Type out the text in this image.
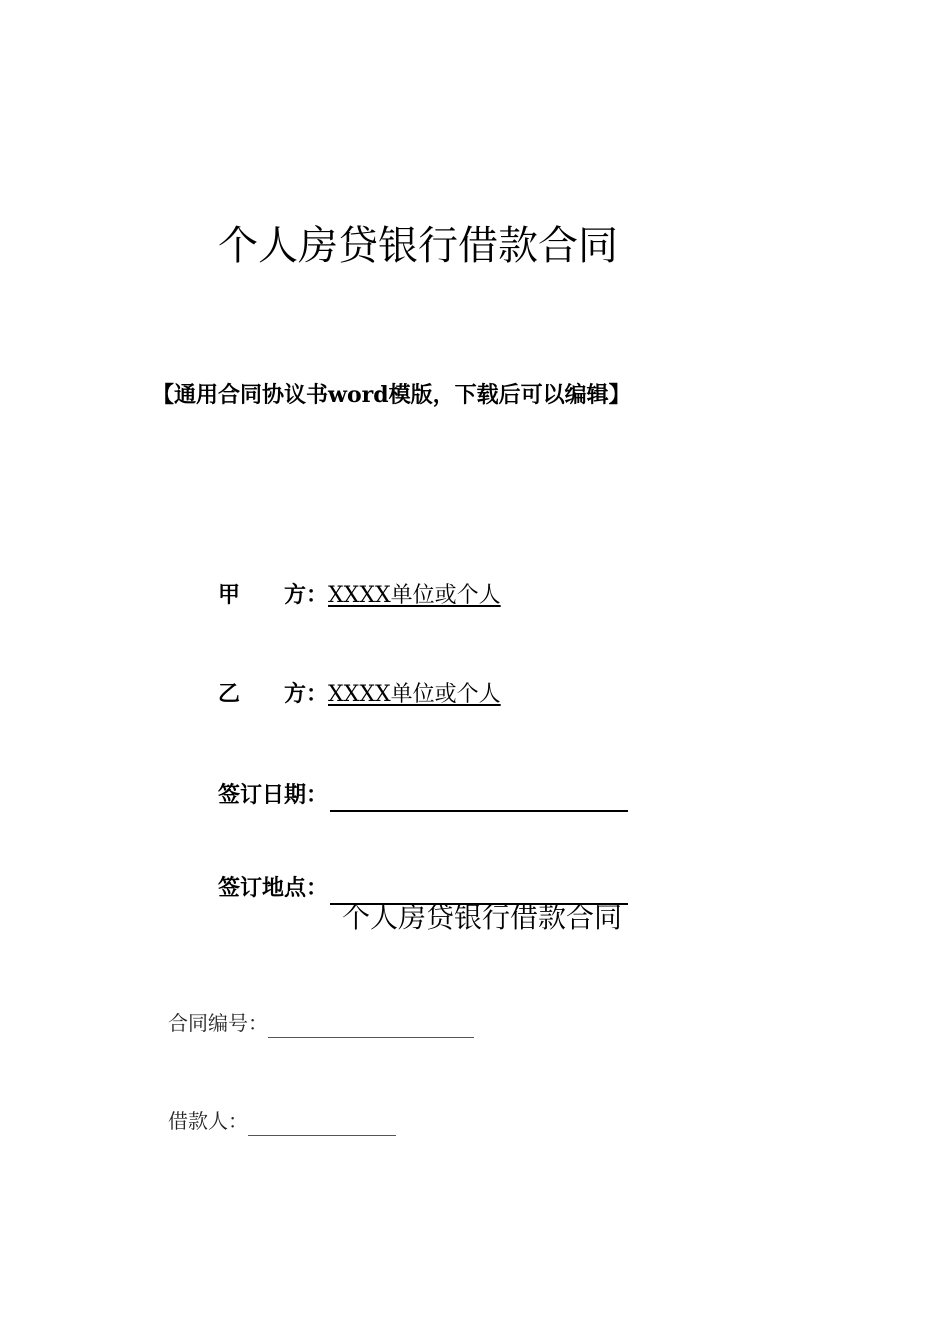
个人房贷银行借款合同
【通用合同协议书word模版，下载后可以编辑】
甲　　方：XXXX单位或个人
乙　　方：XXXX单位或个人
签订日期：
签订地点：
个人房贷银行借款合同
合同编号：
借款人：
